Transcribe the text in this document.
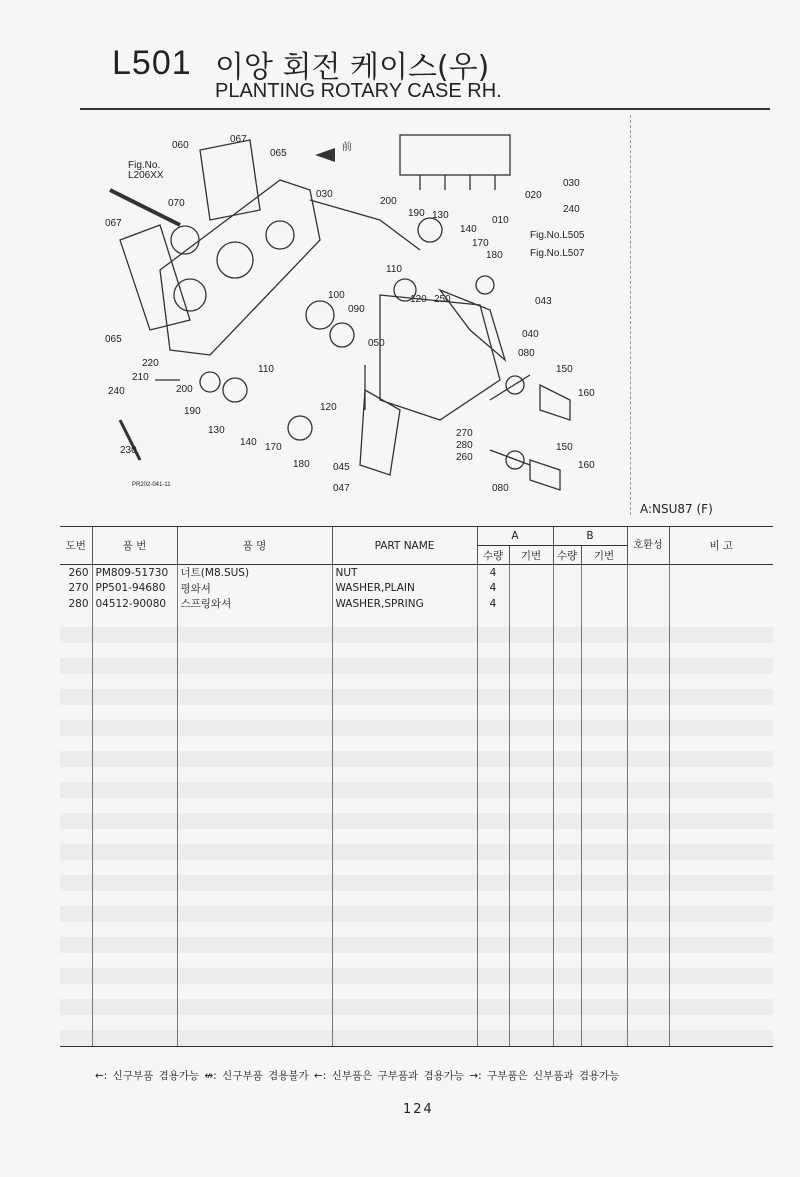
L501 이앙 회전 케이스(우)
PLANTING ROTARY CASE RH.
前
Fig.No.
L206XX
Fig.No.L505
Fig.No.L507
020
030
240
PR202-041-11
060
067
065
030
070
067
065
200
190 130	010
140
170
180
110
120 250	043
100
090
040
050
080
220
210
240	200
190
150
110
120
160
130
140 170
180
270
280
260
150
230
045	160
047	080
A:NSU87 (F)
도번	품 번	품 명	PART NAME	A		B		호환성	비 고
				수량	기번	수량	기번		
260	PM809-51730	너트(M8.SUS)	NUT	4					
270	PP501-94680	평와셔	WASHER,PLAIN	4					
280	04512-90080	스프링와셔	WASHER,SPRING	4					

←: 신구부품 겸용가능 ↮: 신구부품 겸용불가 ←: 신부품은 구부품과 겸용가능 →: 구부품은 신부품과 겸용가능
124
